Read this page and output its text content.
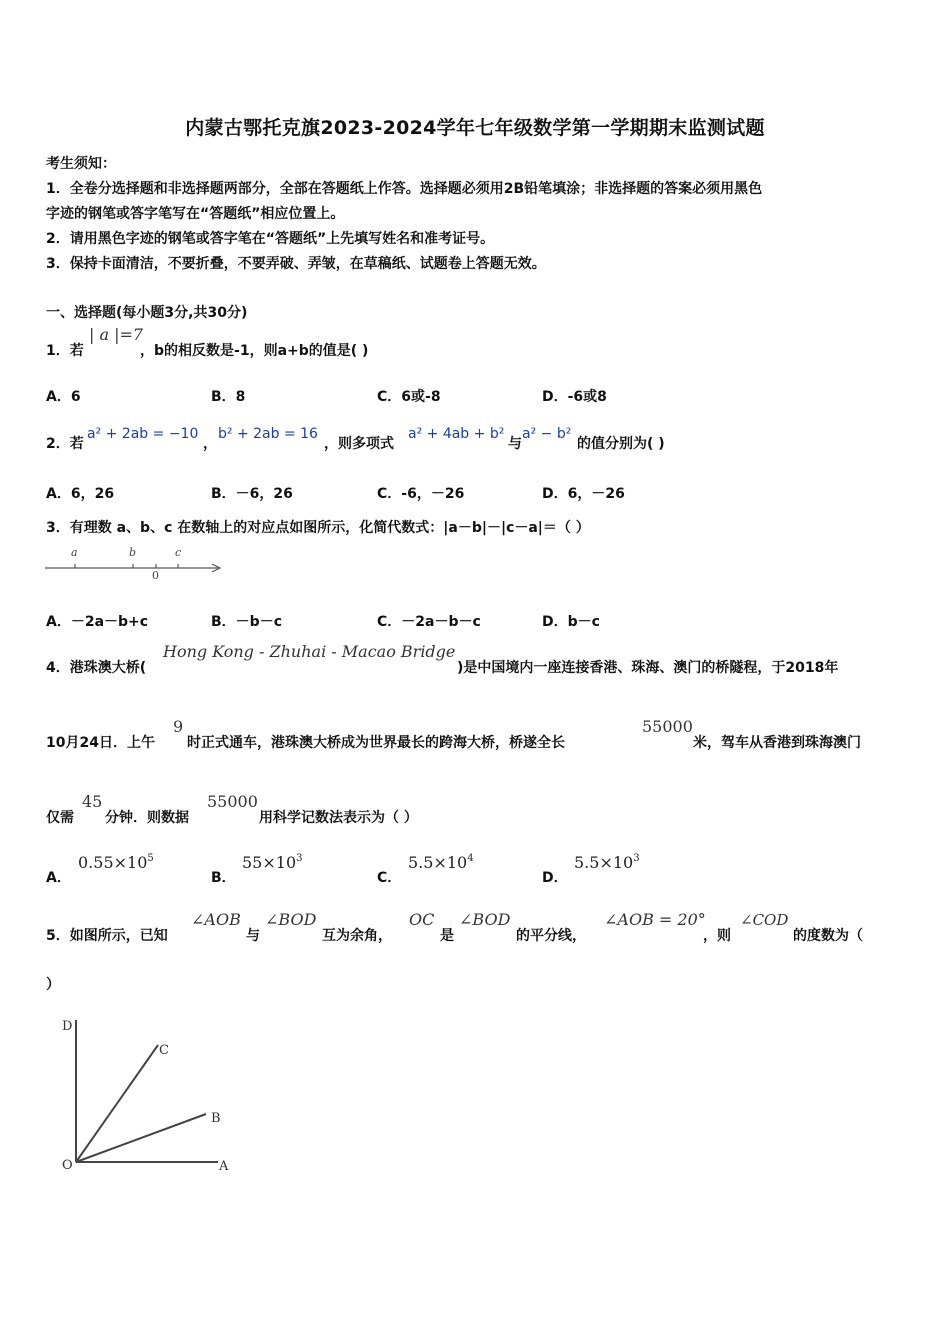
内蒙古鄂托克旗2023-2024学年七年级数学第一学期期末监测试题
考生须知：
1．全卷分选择题和非选择题两部分，全部在答题纸上作答。选择题必须用2B铅笔填涂；非选择题的答案必须用黑色
字迹的钢笔或答字笔写在“答题纸”相应位置上。
2．请用黑色字迹的钢笔或答字笔在“答题纸”上先填写姓名和准考证号。
3．保持卡面清洁，不要折叠，不要弄破、弄皱，在草稿纸、试题卷上答题无效。
一、选择题(每小题3分,共30分)
1．若
| a |=7
，b的相反数是-1，则a+b的值是( )
A．6	B．8	C．6或-8	D．-6或8
2．若
a² + 2ab = −10
，
b² + 2ab = 16
，则多项式
a² + 4ab + b²
与
a² − b²
的值分别为( )
A．6，26	B．－6，26	C．-6，－26	D．6，－26
3．有理数 a、b、c 在数轴上的对应点如图所示，化简代数式：|a－b|－|c－a|＝（ ）
a	b	c
0
A．－2a－b+c	B．－b－c	C．－2a－b－c	D．b－c
4．港珠澳大桥(
Hong Kong - Zhuhai - Macao Bridge
)是中国境内一座连接香港、珠海、澳门的桥隧程，于2018年
10月24日．上午
9
时正式通车，港珠澳大桥成为世界最长的跨海大桥，桥遂全长
55000
米，驾车从香港到珠海澳门
仅需
45
分钟．则数据
55000
用科学记数法表示为（ ）
A．
$0.55\times 10^5$
B．
$55\times 10^3$
C．
$5.5\times 10^4$
D．
$5.5\times 10^3$
5．如图所示，已知
∠AOB
与
∠BOD
互为余角，
OC
是
∠BOD
的平分线，
∠AOB = 20°
，则
∠COD
的度数为（
）
D
C
B
O	A
